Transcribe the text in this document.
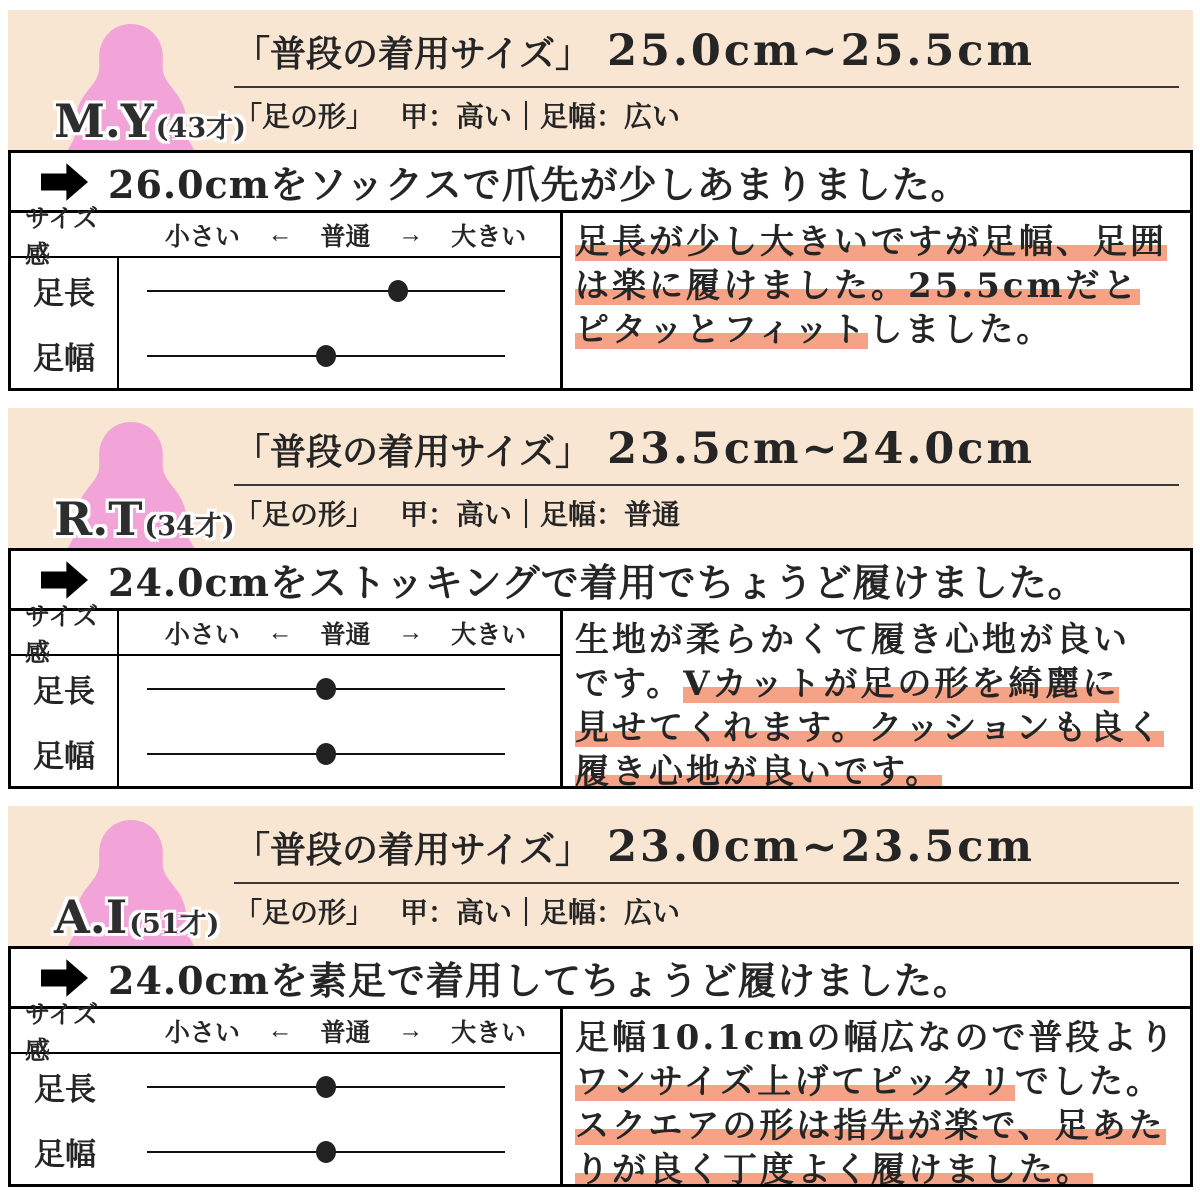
M.Y(43才)
「普段の着用サイズ」 25.0cm~25.5cm
「足の形」 甲：高い｜足幅：広い
26.0cmをソックスで爪先が少しあまりました。
サイズ感
小さい ← 普通 → 大きい
足長
足幅
足長が少し大きいですが足幅、足囲
は楽に履けました。25.5cmだと
ピタッとフィットしました。
R.T(34才)
「普段の着用サイズ」 23.5cm~24.0cm
「足の形」 甲：高い｜足幅：普通
24.0cmをストッキングで着用でちょうど履けました。
サイズ感
小さい ← 普通 → 大きい
足長
足幅
生地が柔らかくて履き心地が良い
です。Vカットが足の形を綺麗に
見せてくれます。クッションも良く
履き心地が良いです。
A.I(51才)
「普段の着用サイズ」 23.0cm~23.5cm
「足の形」 甲：高い｜足幅：広い
24.0cmを素足で着用してちょうど履けました。
サイズ感
小さい ← 普通 → 大きい
足長
足幅
足幅10.1cmの幅広なので普段より
ワンサイズ上げてピッタリでした。
スクエアの形は指先が楽で、足あた
りが良く丁度よく履けました。
